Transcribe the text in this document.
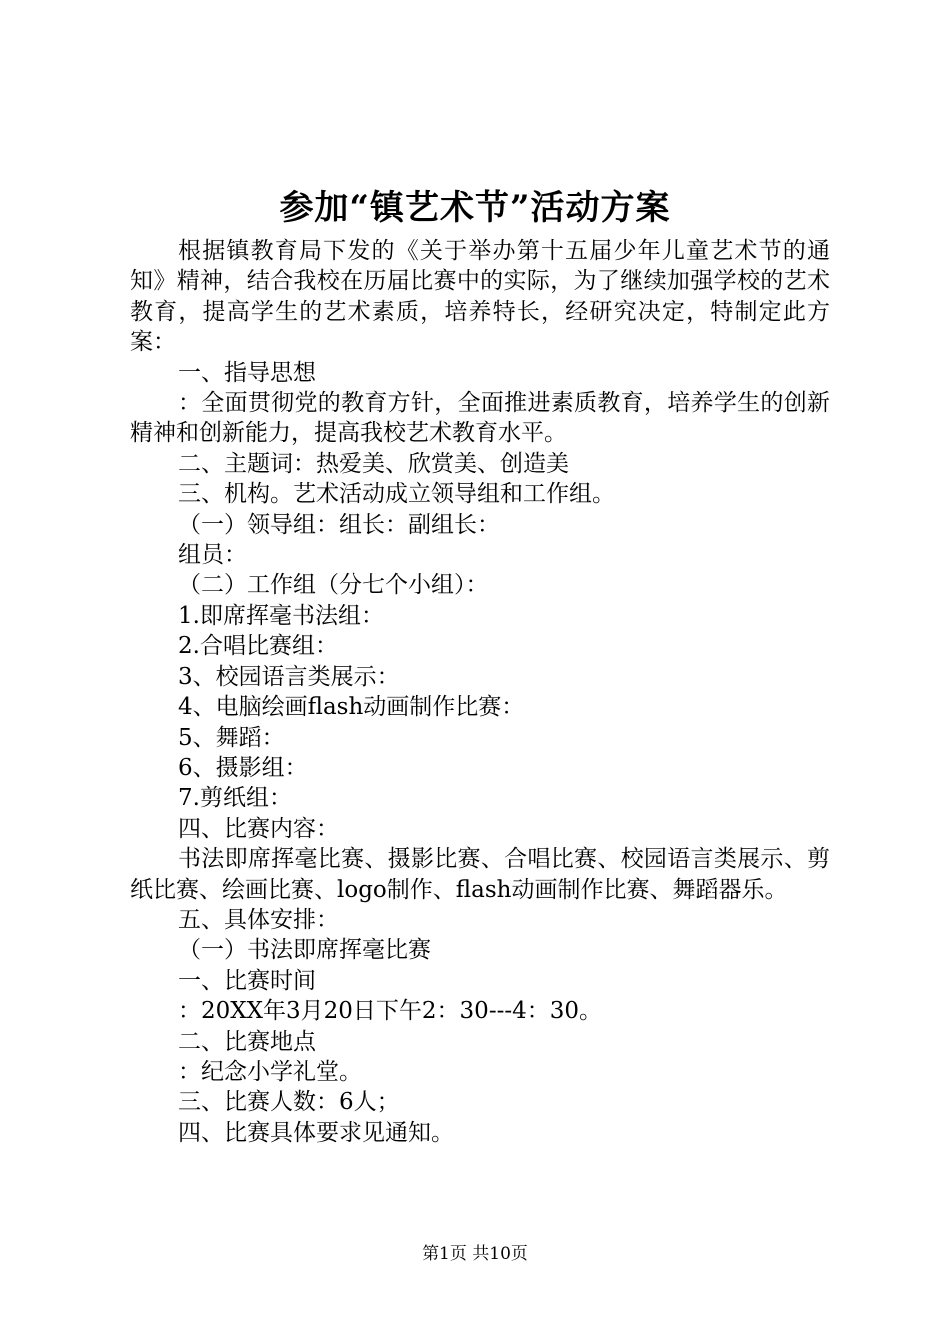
参加“镇艺术节”活动方案

根据镇教育局下发的《关于举办第十五届少年儿童艺术节的通知》精神，结合我校在历届比赛中的实际，为了继续加强学校的艺术教育，提高学生的艺术素质，培养特长，经研究决定，特制定此方案：

一、指导思想

：全面贯彻党的教育方针，全面推进素质教育，培养学生的创新精神和创新能力，提高我校艺术教育水平。

二、主题词：热爱美、欣赏美、创造美

三、机构。艺术活动成立领导组和工作组。

（一）领导组：组长：副组长：

组员：

（二）工作组（分七个小组）：

1.即席挥毫书法组：

2.合唱比赛组：

3、校园语言类展示：

4、电脑绘画flash动画制作比赛：

5、舞蹈：

6、摄影组：

7.剪纸组：

四、比赛内容：

书法即席挥毫比赛、摄影比赛、合唱比赛、校园语言类展示、剪纸比赛、绘画比赛、logo制作、flash动画制作比赛、舞蹈器乐。

五、具体安排：

（一）书法即席挥毫比赛

一、比赛时间

：20XX年3月20日下午2：30---4：30。

二、比赛地点

：纪念小学礼堂。

三、比赛人数：6人；

四、比赛具体要求见通知。

第1页 共10页
